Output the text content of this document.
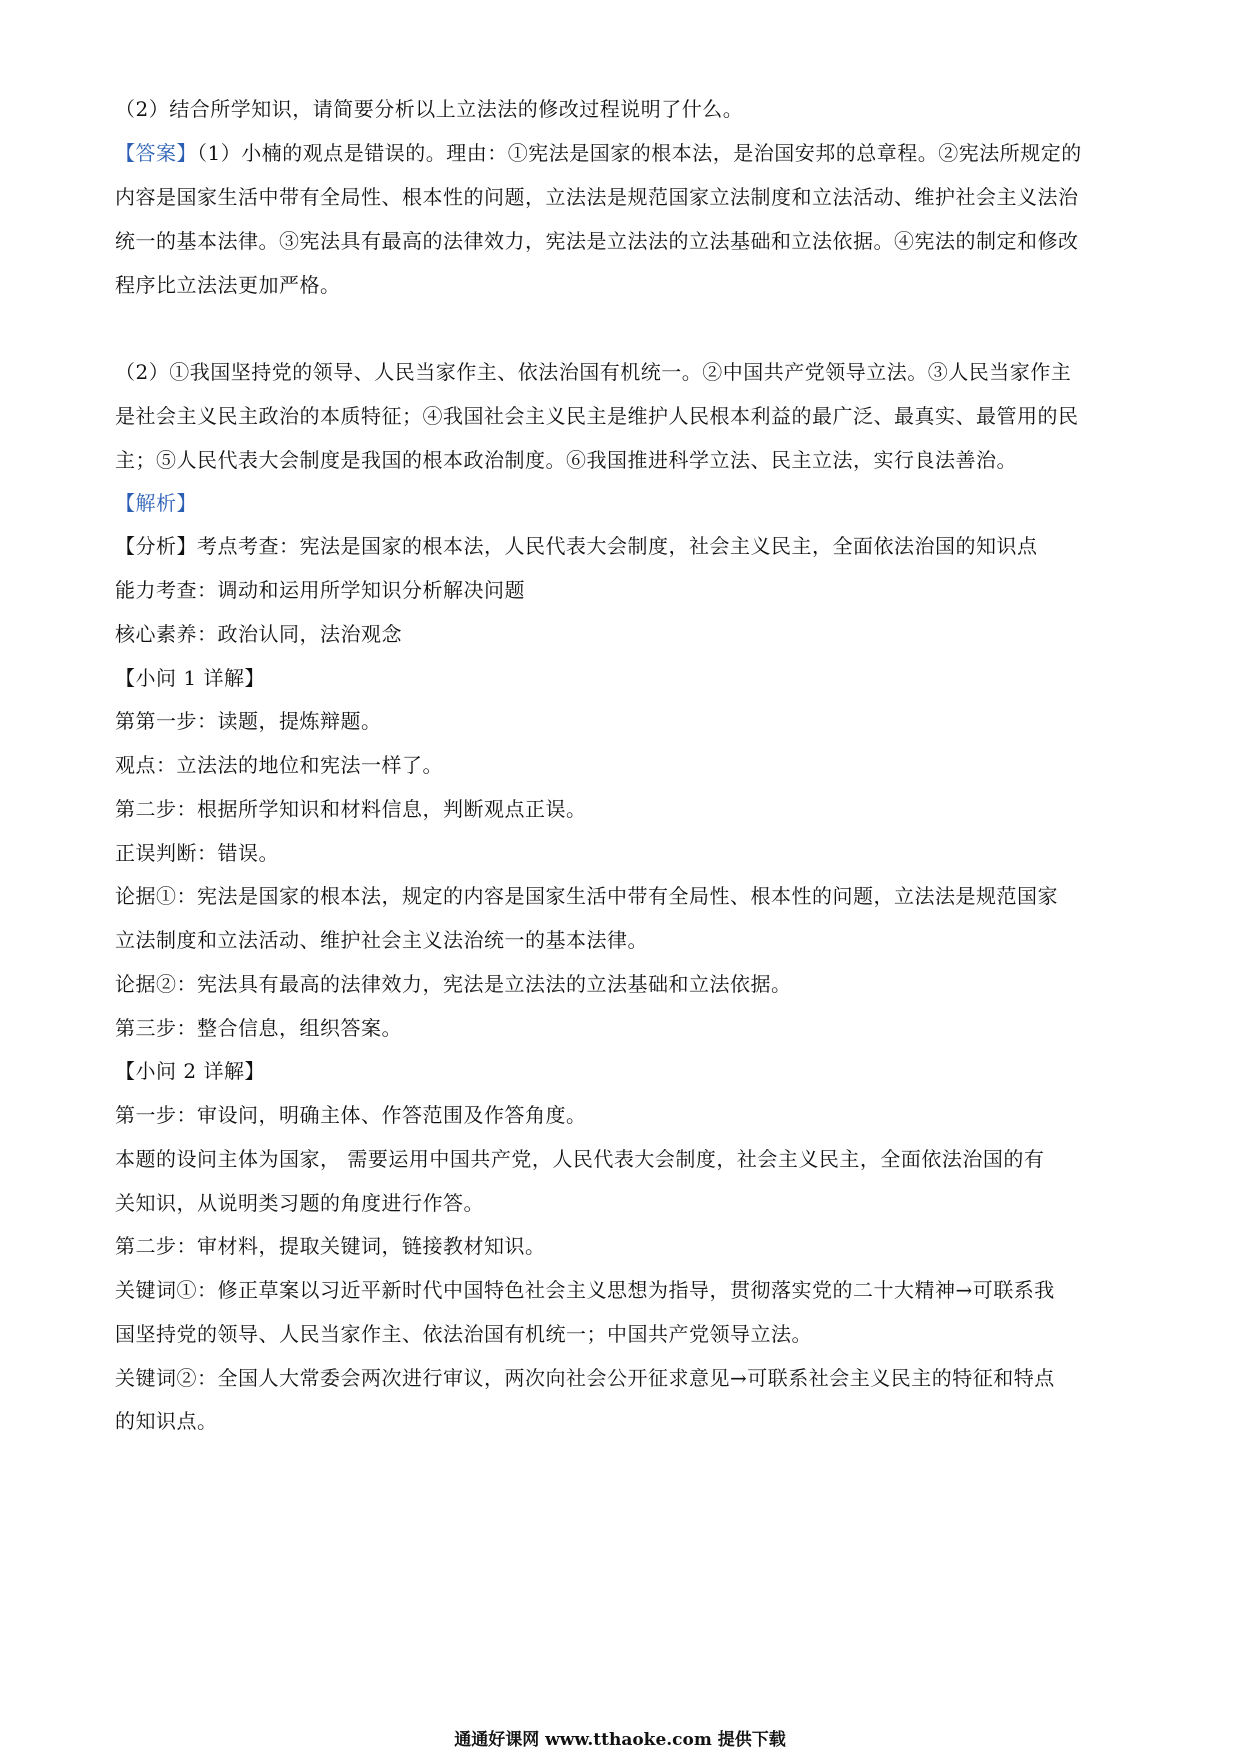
（2）结合所学知识，请简要分析以上立法法的修改过程说明了什么。
【答案】（1）小楠的观点是错误的。理由：①宪法是国家的根本法，是治国安邦的总章程。②宪法所规定的
内容是国家生活中带有全局性、根本性的问题，立法法是规范国家立法制度和立法活动、维护社会主义法治
统一的基本法律。③宪法具有最高的法律效力，宪法是立法法的立法基础和立法依据。④宪法的制定和修改
程序比立法法更加严格。
（2）①我国坚持党的领导、人民当家作主、依法治国有机统一。②中国共产党领导立法。③人民当家作主
是社会主义民主政治的本质特征；④我国社会主义民主是维护人民根本利益的最广泛、最真实、最管用的民
主；⑤人民代表大会制度是我国的根本政治制度。⑥我国推进科学立法、民主立法，实行良法善治。
【解析】
【分析】考点考查：宪法是国家的根本法，人民代表大会制度，社会主义民主，全面依法治国的知识点
能力考查：调动和运用所学知识分析解决问题
核心素养：政治认同，法治观念
【小问 1 详解】
第第一步：读题，提炼辩题。
观点：立法法的地位和宪法一样了。
第二步：根据所学知识和材料信息，判断观点正误。
正误判断：错误。
论据①：宪法是国家的根本法，规定的内容是国家生活中带有全局性、根本性的问题，立法法是规范国家
立法制度和立法活动、维护社会主义法治统一的基本法律。
论据②：宪法具有最高的法律效力，宪法是立法法的立法基础和立法依据。
第三步：整合信息，组织答案。
【小问 2 详解】
第一步：审设问，明确主体、作答范围及作答角度。
本题的设问主体为国家， 需要运用中国共产党，人民代表大会制度，社会主义民主，全面依法治国的有
关知识，从说明类习题的角度进行作答。
第二步：审材料，提取关键词，链接教材知识。
关键词①：修正草案以习近平新时代中国特色社会主义思想为指导，贯彻落实党的二十大精神→可联系我
国坚持党的领导、人民当家作主、依法治国有机统一；中国共产党领导立法。
关键词②：全国人大常委会两次进行审议，两次向社会公开征求意见→可联系社会主义民主的特征和特点
的知识点。
通通好课网 www.tthaoke.com 提供下载
